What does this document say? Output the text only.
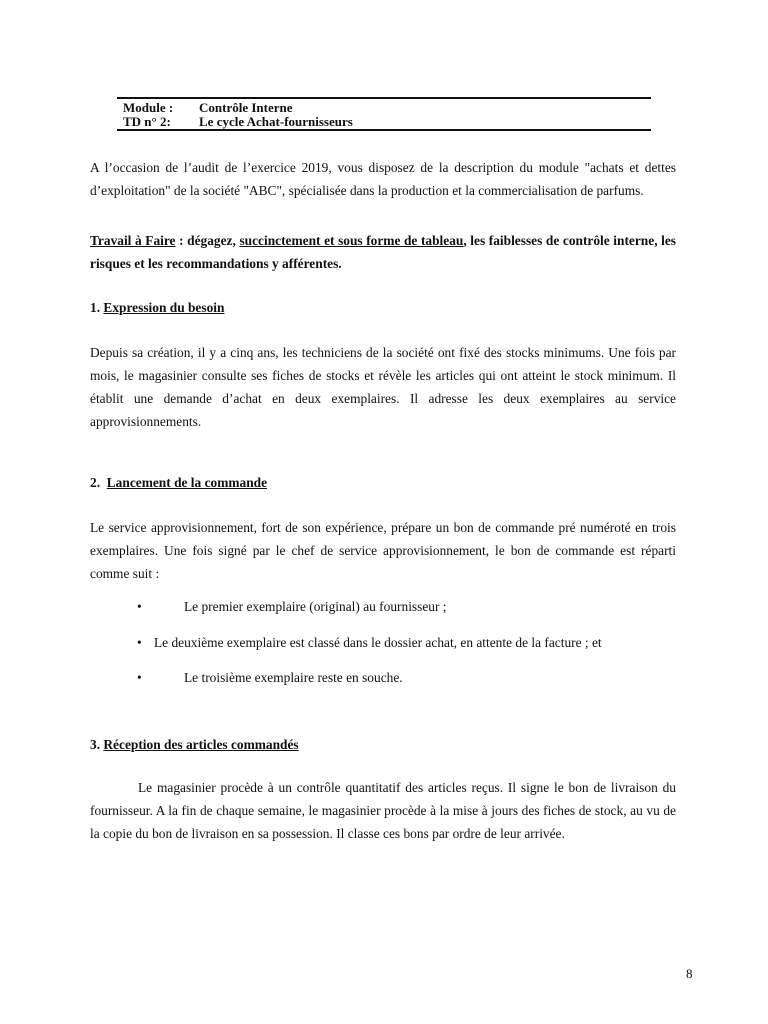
Module :	Contrôle Interne
TD n° 2:	Le cycle Achat-fournisseurs

A l’occasion de l’audit de l’exercice 2019, vous disposez de la description du module "achats et dettes d’exploitation" de la société "ABC", spécialisée dans la production et la commercialisation de parfums.

Travail à Faire : dégagez, succinctement et sous forme de tableau, les faiblesses de contrôle interne, les risques et les recommandations y afférentes.

1. Expression du besoin

Depuis sa création, il y a cinq ans, les techniciens de la société ont fixé des stocks minimums. Une fois par mois, le magasinier consulte ses fiches de stocks et révèle les articles qui ont atteint le stock minimum. Il établit une demande d’achat en deux exemplaires. Il adresse les deux exemplaires au service approvisionnements.

2.  Lancement de la commande

Le service approvisionnement, fort de son expérience, prépare un bon de commande pré numéroté en trois exemplaires. Une fois signé par le chef de service approvisionnement, le bon de commande est réparti comme suit :

•	Le premier exemplaire (original) au fournisseur ;
• Le deuxième exemplaire est classé dans le dossier achat, en attente de la facture ; et
•	Le troisième exemplaire reste en souche.
3. Réception des articles commandés

Le magasinier procède à un contrôle quantitatif des articles reçus. Il signe le bon de livraison du fournisseur. A la fin de chaque semaine, le magasinier procède à la mise à jours des fiches de stock, au vu de la copie du bon de livraison en sa possession. Il classe ces bons par ordre de leur arrivée.

8
